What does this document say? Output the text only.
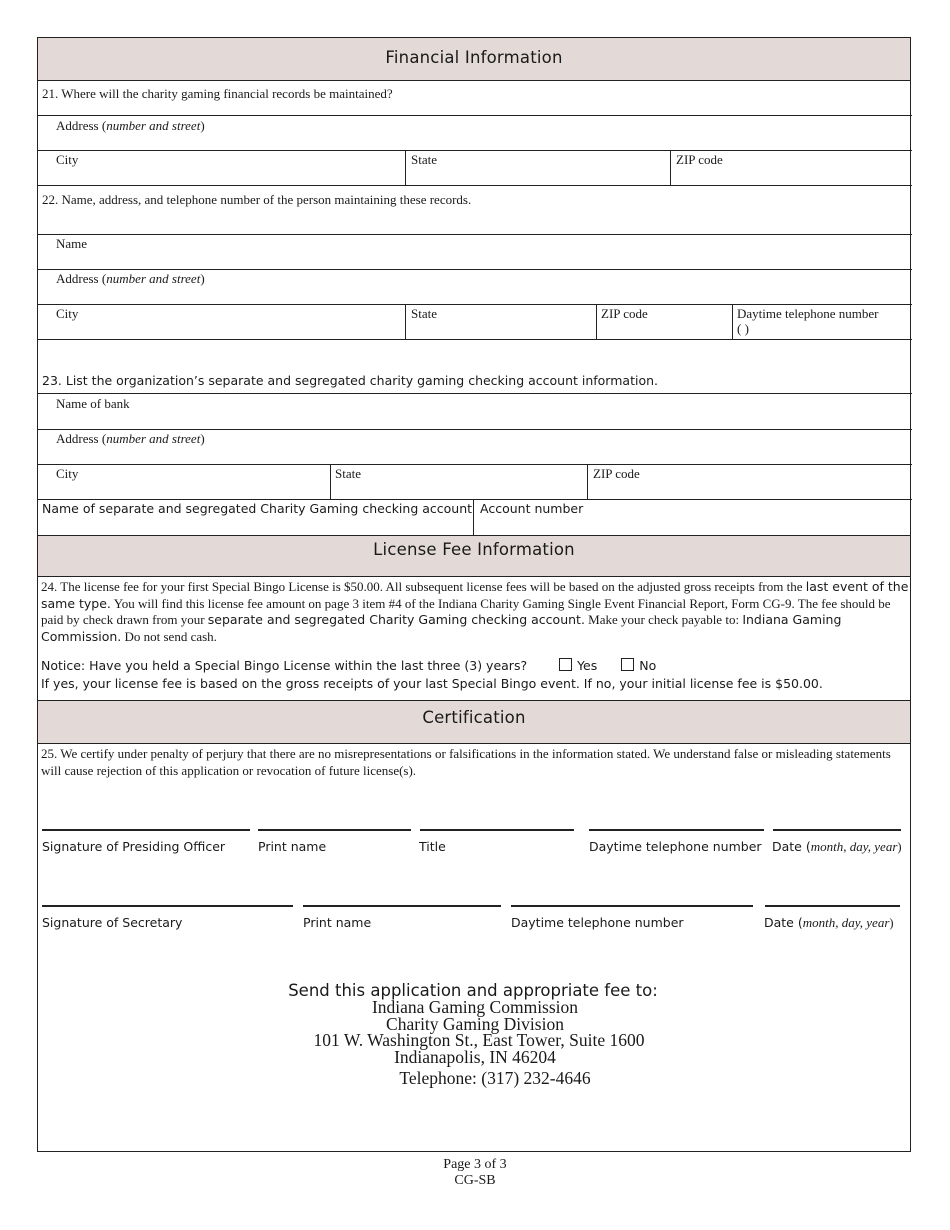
Financial Information
21. Where will the charity gaming financial records be maintained?
Address (number and street)
City	State	ZIP code
22. Name, address, and telephone number of the person maintaining these records.
Name
Address (number and street)
City	State	ZIP code	Daytime telephone number
( )
23. List the organization’s separate and segregated charity gaming checking account information.
Name of bank
Address (number and street)
City	State	ZIP code
Name of separate and segregated Charity Gaming checking account Account number
License Fee Information
24. The license fee for your first Special Bingo License is $50.00. All subsequent license fees will be based on the adjusted gross receipts from the last event of the same type. You will find this license fee amount on page 3 item #4 of the Indiana Charity Gaming Single Event Financial Report, Form CG-9. The fee should be paid by check drawn from your separate and segregated Charity Gaming checking account. Make your check payable to: Indiana Gaming Commission. Do not send cash.
Notice: Have you held a Special Bingo License within the last three (3) years?	Yes	No
If yes, your license fee is based on the gross receipts of your last Special Bingo event. If no, your initial license fee is $50.00.
Certification
25. We certify under penalty of perjury that there are no misrepresentations or falsifications in the information stated. We understand false or misleading statements will cause rejection of this application or revocation of future license(s).
Signature of Presiding Officer	Print name	Title	Daytime telephone number Date (month, day, year)
Signature of Secretary	Print name	Daytime telephone number	Date (month, day, year)
Send this application and appropriate fee to:
Indiana Gaming Commission
Charity Gaming Division
101 W. Washington St., East Tower, Suite 1600
Indianapolis, IN 46204
Telephone: (317) 232-4646
Page 3 of 3
CG-SB
